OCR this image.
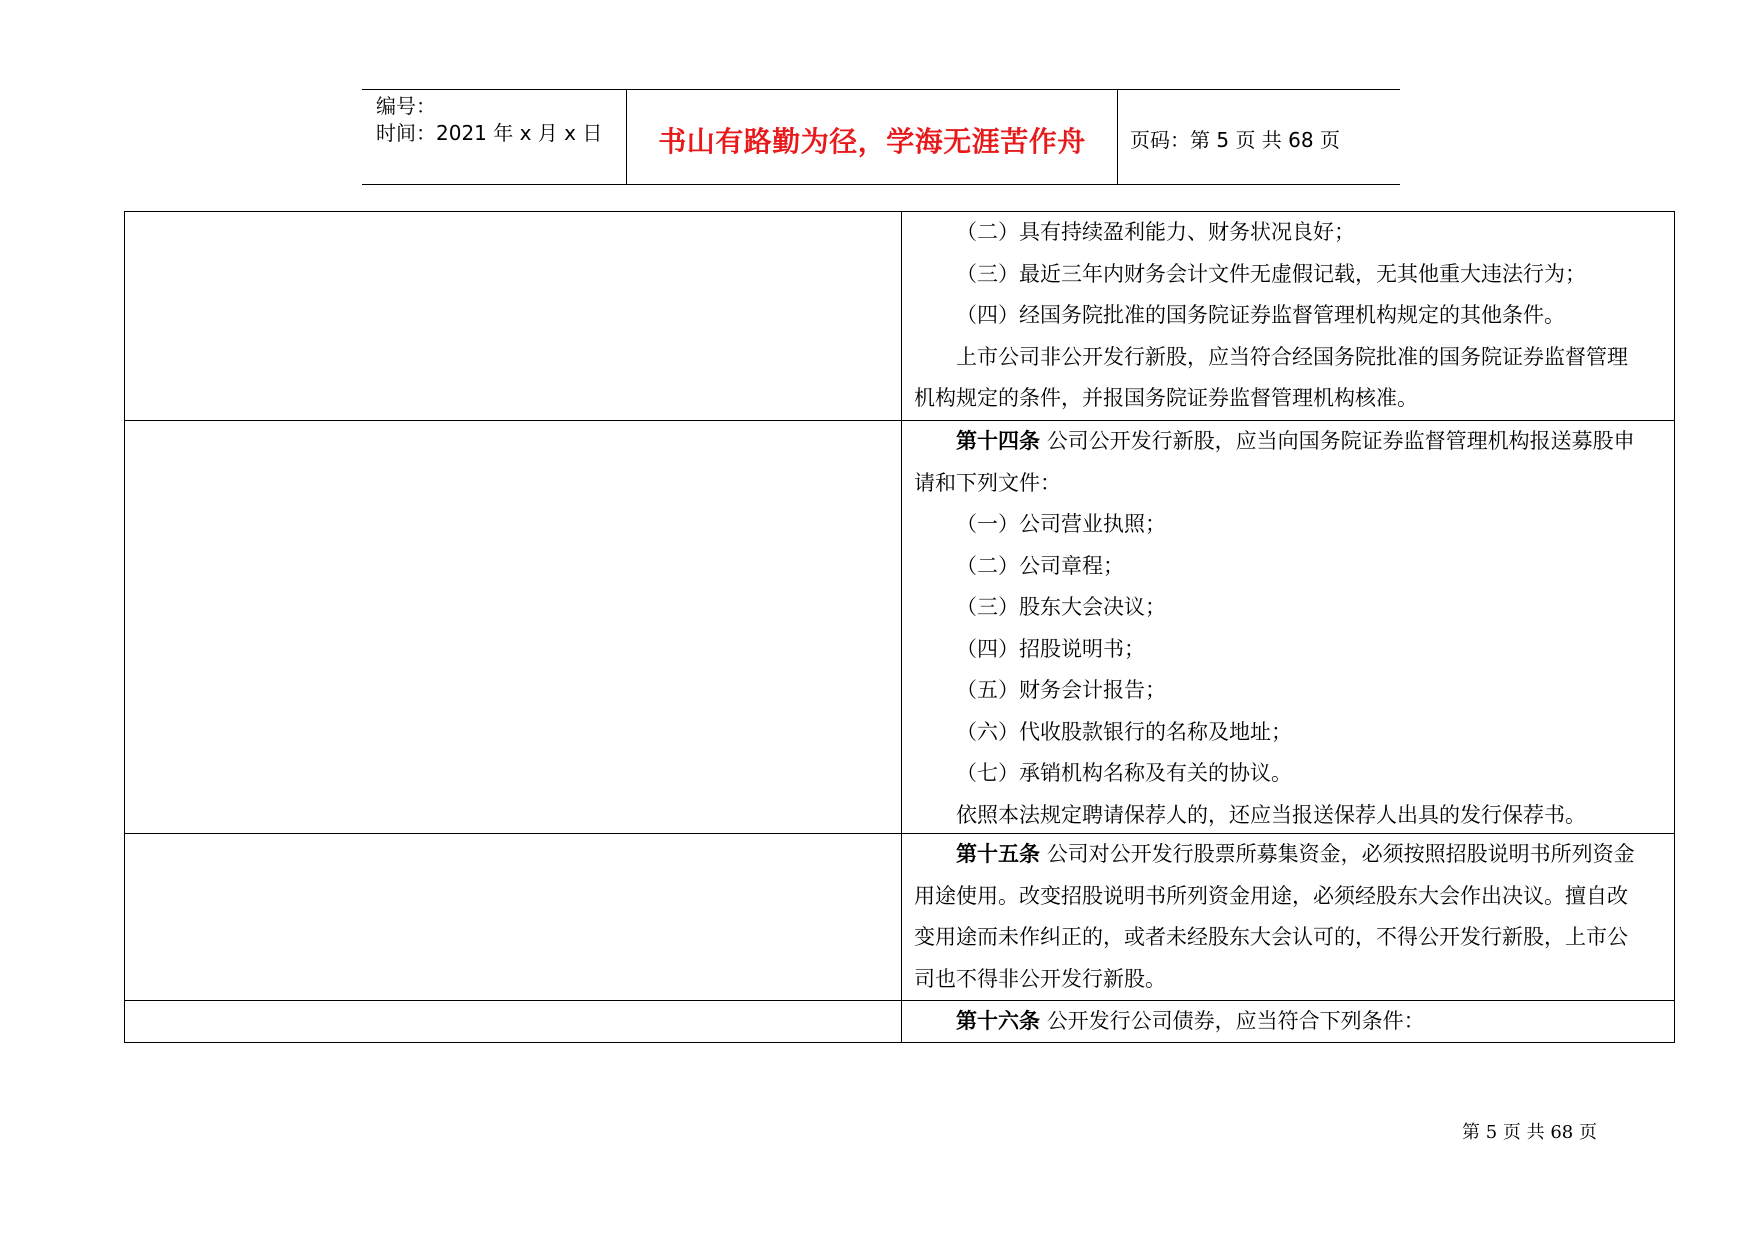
编号：
时间：2021 年 x 月 x 日	书山有路勤为径，学海无涯苦作舟	页码：第 5 页 共 68 页
（二）具有持续盈利能力、财务状况良好；
（三）最近三年内财务会计文件无虚假记载，无其他重大违法行为；
（四）经国务院批准的国务院证券监督管理机构规定的其他条件。
上市公司非公开发行新股，应当符合经国务院批准的国务院证券监督管理
机构规定的条件，并报国务院证券监督管理机构核准。
第十四条 公司公开发行新股，应当向国务院证券监督管理机构报送募股申
请和下列文件：
（一）公司营业执照；
（二）公司章程；
（三）股东大会决议；
（四）招股说明书；
（五）财务会计报告；
（六）代收股款银行的名称及地址；
（七）承销机构名称及有关的协议。
依照本法规定聘请保荐人的，还应当报送保荐人出具的发行保荐书。
第十五条 公司对公开发行股票所募集资金，必须按照招股说明书所列资金
用途使用。改变招股说明书所列资金用途，必须经股东大会作出决议。擅自改
变用途而未作纠正的，或者未经股东大会认可的，不得公开发行新股，上市公
司也不得非公开发行新股。
第十六条 公开发行公司债券，应当符合下列条件：
第 5 页 共 68 页
